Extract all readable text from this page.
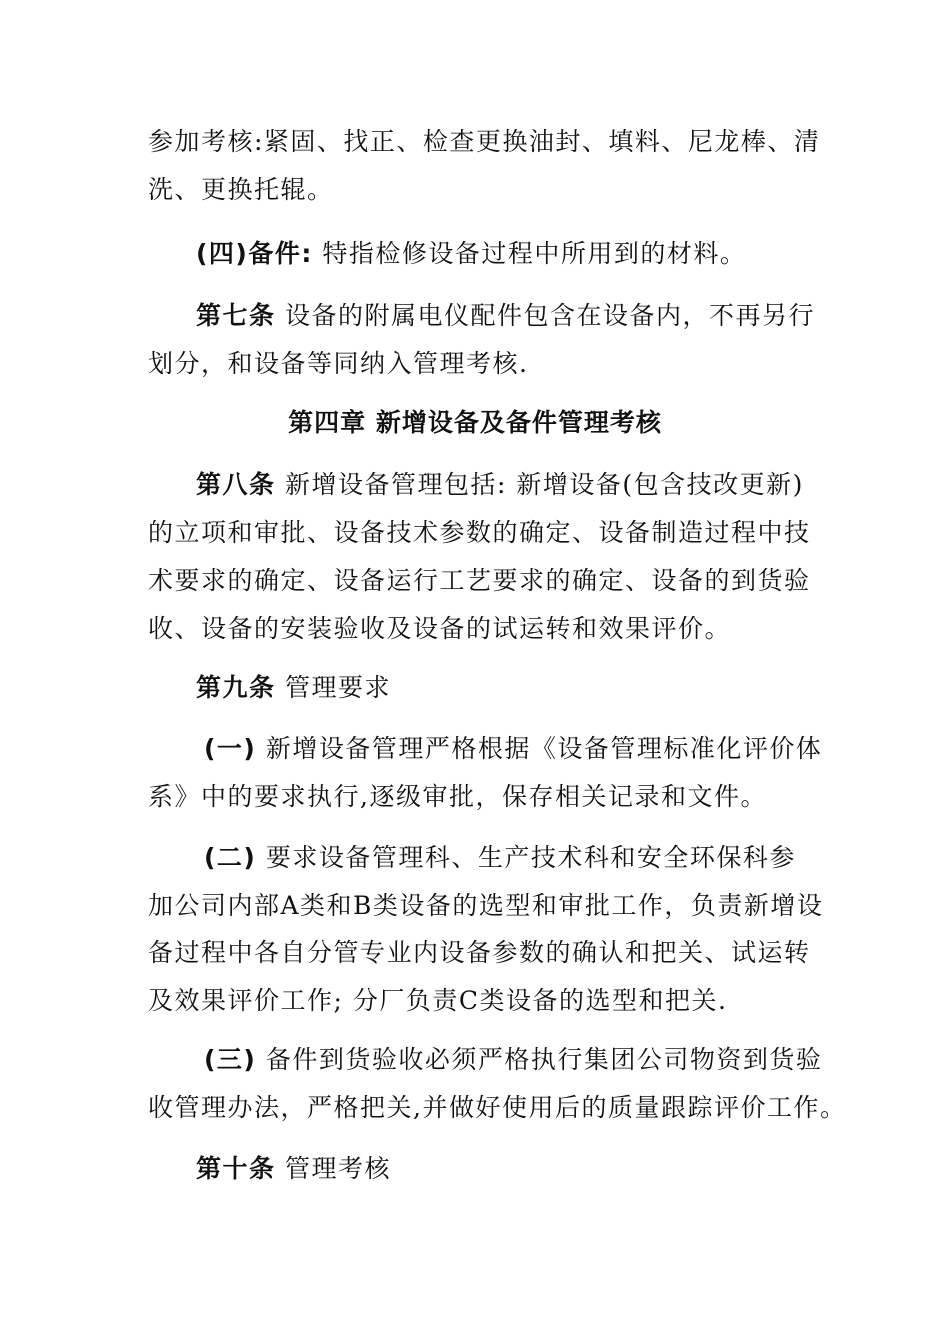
参加考核:紧固、找正、检查更换油封、填料、尼龙棒、清

洗、更换托辊。

(四)备件: 特指检修设备过程中所用到的材料。

第七条 设备的附属电仪配件包含在设备内，不再另行

划分，和设备等同纳入管理考核.

第四章 新增设备及备件管理考核

第八条 新增设备管理包括: 新增设备(包含技改更新)

的立项和审批、设备技术参数的确定、设备制造过程中技

术要求的确定、设备运行工艺要求的确定、设备的到货验

收、设备的安装验收及设备的试运转和效果评价。

第九条 管理要求

(一) 新增设备管理严格根据《设备管理标准化评价体

系》中的要求执行,逐级审批，保存相关记录和文件。

(二) 要求设备管理科、生产技术科和安全环保科参

加公司内部A类和B类设备的选型和审批工作，负责新增设

备过程中各自分管专业内设备参数的确认和把关、试运转

及效果评价工作; 分厂负责C类设备的选型和把关.

(三) 备件到货验收必须严格执行集团公司物资到货验

收管理办法，严格把关,并做好使用后的质量跟踪评价工作。

第十条 管理考核
